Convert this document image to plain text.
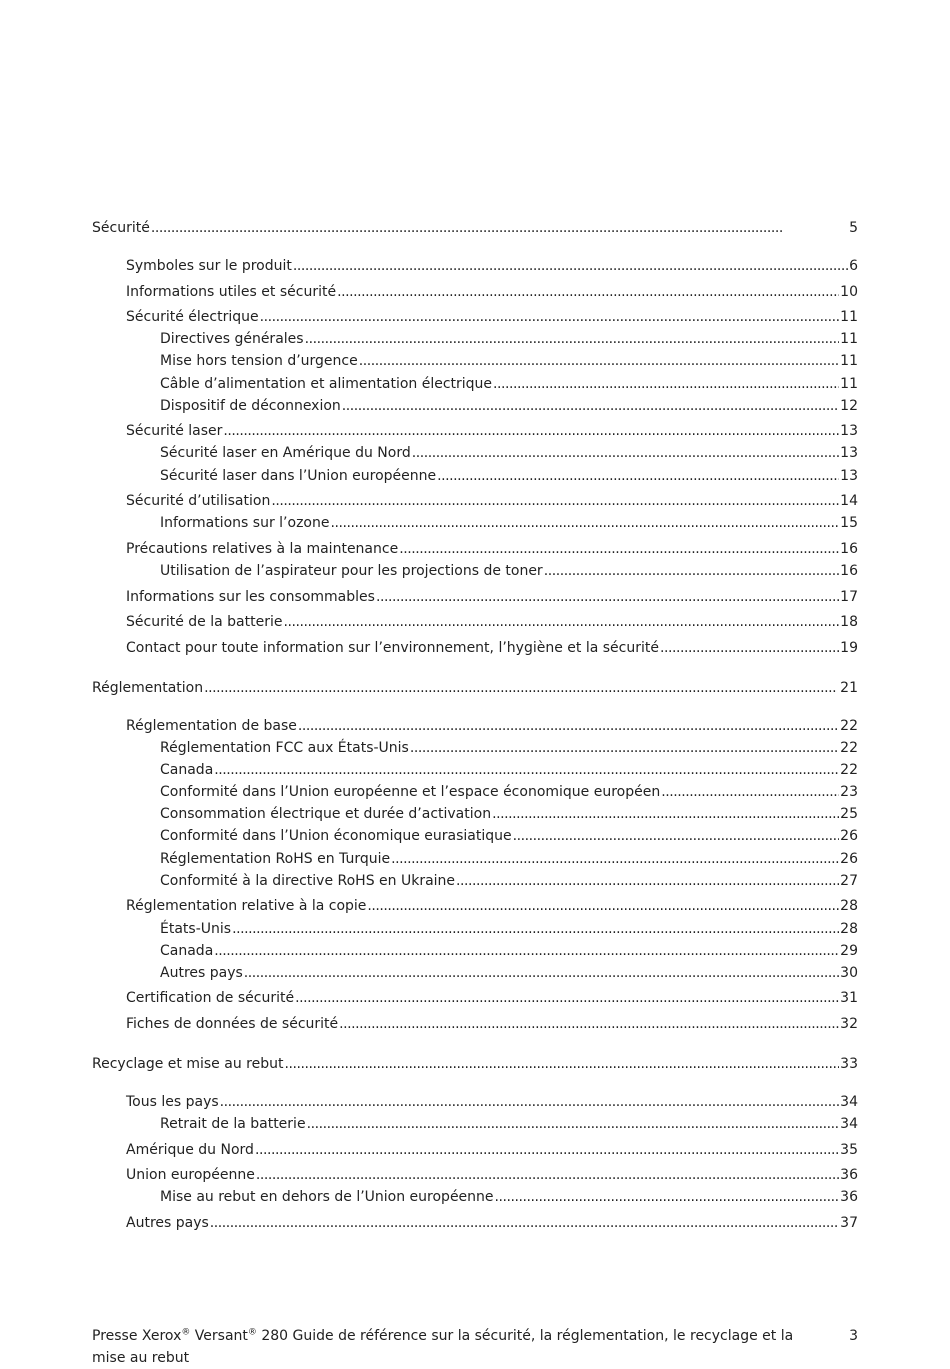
Sécurité . . .	5
Symboles sur le produit . . .	6
Informations utiles et sécurité . . .	10
Sécurité électrique . . .	11
Directives générales . . .	11
Mise hors tension d’urgence . . .	11
Câble d’alimentation et alimentation électrique . . .	11
Dispositif de déconnexion . . .	12
Sécurité laser . . .	13
Sécurité laser en Amérique du Nord . . .	13
Sécurité laser dans l’Union européenne . . .	13
Sécurité d’utilisation . . .	14
Informations sur l’ozone . . .	15
Précautions relatives à la maintenance . . .	16
Utilisation de l’aspirateur pour les projections de toner . . .	16
Informations sur les consommables . . .	17
Sécurité de la batterie . . .	18
Contact pour toute information sur l’environnement, l’hygiène et la sécurité . . .	19
Réglementation . . .	21
Réglementation de base . . .	22
Réglementation FCC aux États-Unis . . .	22
Canada . . .	22
Conformité dans l’Union européenne et l’espace économique européen . . .	23
Consommation électrique et durée d’activation . . .	25
Conformité dans l’Union économique eurasiatique . . .	26
Réglementation RoHS en Turquie . . .	26
Conformité à la directive RoHS en Ukraine . . .	27
Réglementation relative à la copie . . .	28
États-Unis . . .	28
Canada . . .	29
Autres pays . . .	30
Certification de sécurité . . .	31
Fiches de données de sécurité . . .	32
Recyclage et mise au rebut . . .	33
Tous les pays . . .	34
Retrait de la batterie . . .	34
Amérique du Nord . . .	35
Union européenne . . .	36
Mise au rebut en dehors de l’Union européenne . . .	36
Autres pays . . .	37
Presse Xerox® Versant® 280 Guide de référence sur la sécurité, la réglementation, le recyclage et la mise au rebut
3
